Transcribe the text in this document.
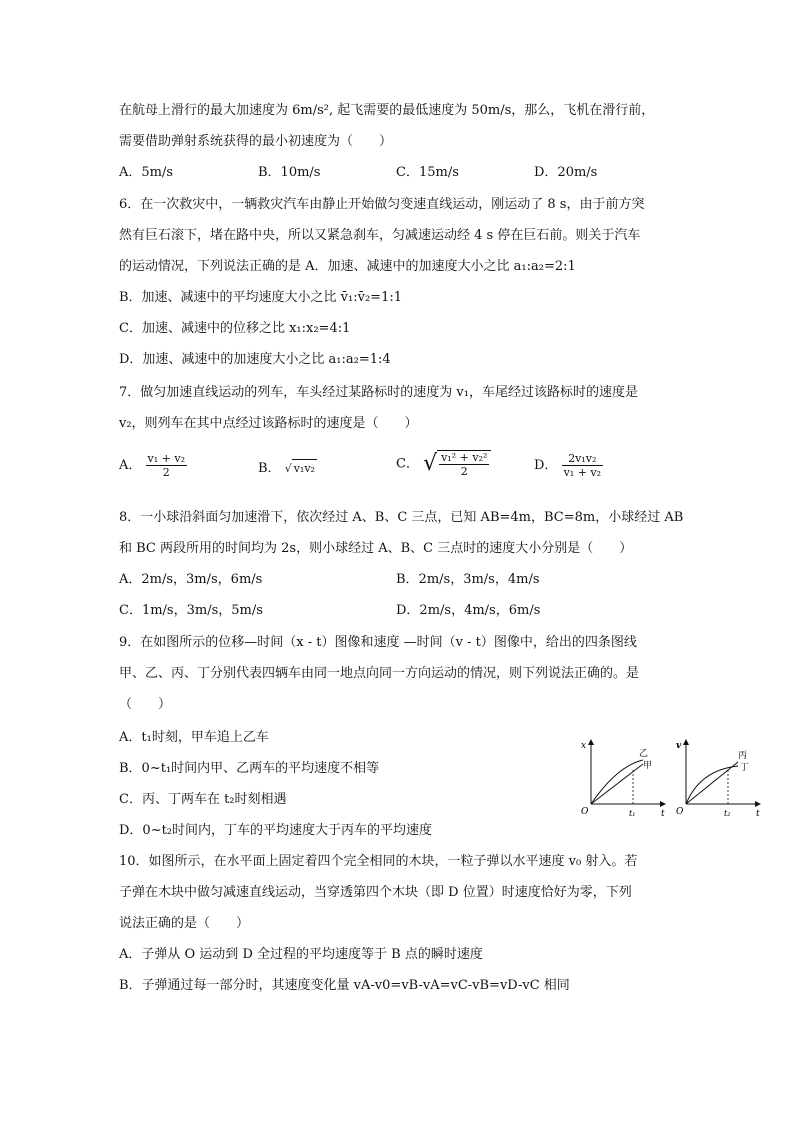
在航母上滑行的最大加速度为 6m/s², 起飞需要的最低速度为 50m/s，那么，飞机在滑行前，
需要借助弹射系统获得的最小初速度为（　　）
A．5m/s	B．10m/s	C．15m/s	D．20m/s
6．在一次救灾中，一辆救灾汽车由静止开始做匀变速直线运动，刚运动了 8 s，由于前方突
然有巨石滚下，堵在路中央，所以又紧急刹车，匀减速运动经 4 s 停在巨石前。则关于汽车
的运动情况，下列说法正确的是 A．加速、减速中的加速度大小之比 a₁:a₂=2:1
B．加速、减速中的平均速度大小之比 v̄₁:v̄₂=1:1
C．加速、减速中的位移之比 x₁:x₂=4:1
D．加速、减速中的加速度大小之比 a₁:a₂=1:4
7．做匀加速直线运动的列车，车头经过某路标时的速度为 v₁，车尾经过该路标时的速度是
v₂，则列车在其中点经过该路标时的速度是（　　）
A． $\frac{\text{v₁ + v₂}}{2}$	B． √ v₁v₂	C． √ $\frac{\text{v₁² + v₂²}}{2}$	D． $\frac{\text{2v₁v₂}}{\text{v₁ + v₂}}$
8．一小球沿斜面匀加速滑下，依次经过 A、B、C 三点，已知 AB=4m，BC=8m，小球经过 AB
和 BC 两段所用的时间均为 2s，则小球经过 A、B、C 三点时的速度大小分别是（　　）
A．2m/s，3m/s，6m/s	B．2m/s，3m/s，4m/s
C．1m/s，3m/s，5m/s	D．2m/s，4m/s，6m/s
9．在如图所示的位移—时间（x - t）图像和速度 —时间（v - t）图像中，给出的四条图线
甲、乙、丙、丁分别代表四辆车由同一地点向同一方向运动的情况，则下列说法正确的。是
（　　）
A．t₁时刻，甲车追上乙车
B．0~t₁时间内甲、乙两车的平均速度不相等
C．丙、丁两车在 t₂时刻相遇
D．0~t₂时间内，丁车的平均速度大于丙车的平均速度
x
t
O	t₁
乙
甲
v
t
O	t₂
丙
丁
10．如图所示，在水平面上固定着四个完全相同的木块，一粒子弹以水平速度 v₀ 射入。若
子弹在木块中做匀减速直线运动，当穿透第四个木块（即 D 位置）时速度恰好为零，下列
说法正确的是（　　）
A．子弹从 O 运动到 D 全过程的平均速度等于 B 点的瞬时速度
B．子弹通过每一部分时，其速度变化量 vA-v0=vB-vA=vC-vB=vD-vC 相同
